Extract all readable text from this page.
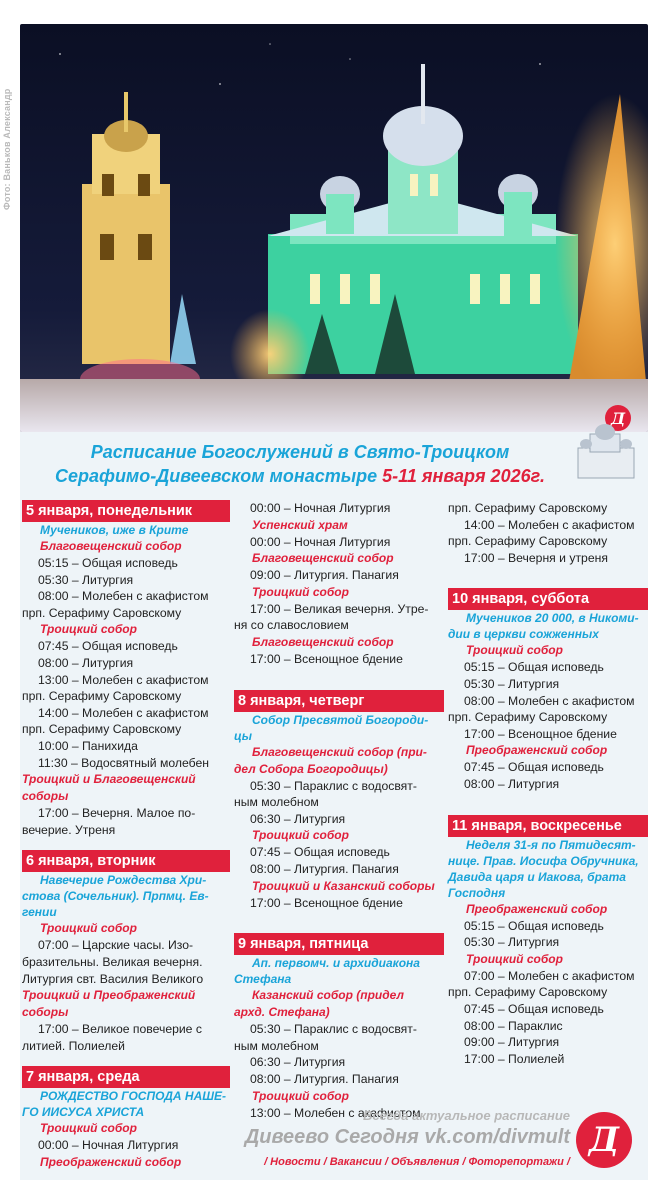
Фото: Ваньков Александр
Расписание Богослужений в Свято-Троицком
Серафимо-Дивеевском монастыре 5-11 января 2026г.
Д
5 января, понедельник
Мучеников, иже в Крите
Благовещенский собор
05:15 – Общая исповедь
05:30 – Литургия
08:00 – Молебен с акафистом
прп. Серафиму Саровскому
Троицкий собор
07:45 – Общая исповедь
08:00 – Литургия
13:00 – Молебен с акафистом
прп. Серафиму Саровскому
14:00 – Молебен с акафистом
прп. Серафиму Саровскому
10:00 – Панихида
11:30 – Водосвятный молебен
Троицкий и Благовещенский
соборы
17:00 – Вечерня. Малое по-
вечерие. Утреня
6 января, вторник
Навечерие Рождества Хри-
стова (Сочельник). Прпмц. Ев-
гении
Троицкий собор
07:00 – Царские часы. Изо-
бразительны. Великая вечерня.
Литургия свт. Василия Великого
Троицкий и Преображенский
соборы
17:00 – Великое повечерие с
литией. Полиелей
7 января, среда
РОЖДЕСТВО ГОСПОДА НАШЕ-
ГО ИИСУСА ХРИСТА
Троицкий собор
00:00 – Ночная Литургия
Преображенский собор
00:00 – Ночная Литургия
Успенский храм
00:00 – Ночная Литургия
Благовещенский собор
09:00 – Литургия. Панагия
Троицкий собор
17:00 – Великая вечерня. Утре-
ня со славословием
Благовещенский собор
17:00 – Всенощное бдение
8 января, четверг
Собор Пресвятой Богороди-
цы
Благовещенский собор (при-
дел Собора Богородицы)
05:30 – Параклис с водосвят-
ным молебном
06:30 – Литургия
Троицкий собор
07:45 – Общая исповедь
08:00 – Литургия. Панагия
Троицкий и Казанский соборы
17:00 – Всенощное бдение
9 января, пятница
Ап. первомч. и архидиакона
Стефана
Казанский собор (придел
архд. Стефана)
05:30 – Параклис с водосвят-
ным молебном
06:30 – Литургия
08:00 – Литургия. Панагия
Троицкий собор
13:00 – Молебен с акафистом
прп. Серафиму Саровскому
14:00 – Молебен с акафистом
прп. Серафиму Саровскому
17:00 – Вечерня и утреня
10 января, суббота
Мучеников 20 000, в Никоми-
дии в церкви сожженных
Троицкий собор
05:15 – Общая исповедь
05:30 – Литургия
08:00 – Молебен с акафистом
прп. Серафиму Саровскому
17:00 – Всенощное бдение
Преображенский собор
07:45 – Общая исповедь
08:00 – Литургия
11 января, воскресенье
Неделя 31-я по Пятидесят-
нице. Прав. Иосифа Обручника,
Давида царя и Иакова, брата
Господня
Преображенский собор
05:15 – Общая исповедь
05:30 – Литургия
Троицкий собор
07:00 – Молебен с акафистом
прп. Серафиму Саровскому
07:45 – Общая исповедь
08:00 – Параклис
09:00 – Литургия
17:00 – Полиелей
Всегда актуальное расписание
Дивеево Сегодня vk.com/divmult
/ Новости / Вакансии / Объявления / Фоторепортажи /
Д
